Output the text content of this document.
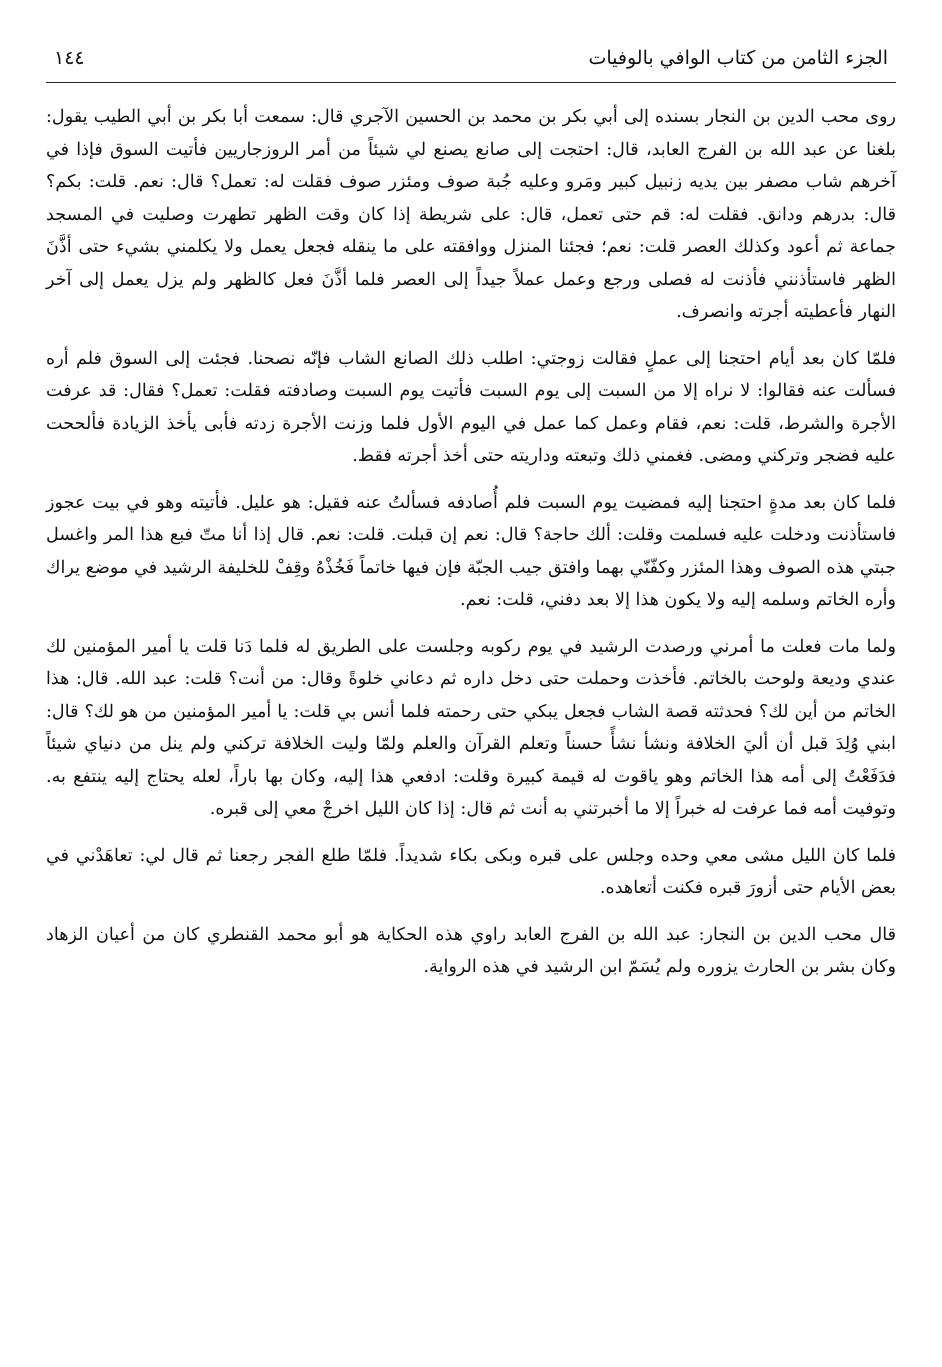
الجزء الثامن من كتاب الوافي بالوفيات
١٤٤

روى محب الدين بن النجار بسنده إلى أبي بكر بن محمد بن الحسين الآجري قال: سمعت أبا بكر بن أبي الطيب يقول: بلغنا عن عبد الله بن الفرج العابد، قال: احتجت إلى صانع يصنع لي شيئاً من أمر الروزجاريين فأتيت السوق فإذا في آخرهم شاب مصفر بين يديه زنبيل كبير ومَرو وعليه جُبة صوف ومئزر صوف فقلت له: تعمل؟ قال: نعم. قلت: بكم؟ قال: بدرهم ودانق. فقلت له: قم حتى تعمل، قال: على شريطة إذا كان وقت الظهر تطهرت وصليت في المسجد جماعة ثم أعود وكذلك العصر قلت: نعم؛ فجئنا المنزل ووافقته على ما ينقله فجعل يعمل ولا يكلمني بشيء حتى أذَّنَ الظهر فاستأذنني فأذنت له فصلى ورجع وعمل عملاً جيداً إلى العصر فلما أذَّنَ فعل كالظهر ولم يزل يعمل إلى آخر النهار فأعطيته أجرته وانصرف.

فلمّا كان بعد أيام احتجنا إلى عملٍ فقالت زوجتي: اطلب ذلك الصانع الشاب فإنّه نصحنا. فجئت إلى السوق فلم أره فسألت عنه فقالوا: لا نراه إلا من السبت إلى يوم السبت فأتيت يوم السبت وصادفته فقلت: تعمل؟ فقال: قد عرفت الأجرة والشرط، قلت: نعم، فقام وعمل كما عمل في اليوم الأول فلما وزنت الأجرة زدته فأبى يأخذ الزيادة فألححت عليه فضجر وتركني ومضى. فغمني ذلك وتبعته وداريته حتى أخذ أجرته فقط.

فلما كان بعد مدةٍ احتجنا إليه فمضيت يوم السبت فلم أُصادفه فسألتُ عنه فقيل: هو عليل. فأتيته وهو في بيت عجوز فاستأذنت ودخلت عليه فسلمت وقلت: ألك حاجة؟ قال: نعم إن قبلت. قلت: نعم. قال إذا أنا متّ فبع هذا المر واغسل جبتي هذه الصوف وهذا المئزر وكفّنّي بهما وافتق جيب الجبّة فإن فيها خاتماً فَخُذْهُ وقِفْ للخليفة الرشيد في موضع يراك وأره الخاتم وسلمه إليه ولا يكون هذا إلا بعد دفني، قلت: نعم.

ولما مات فعلت ما أمرني ورصدت الرشيد في يوم ركوبه وجلست على الطريق له فلما دَنا قلت يا أمير المؤمنين لك عندي وديعة ولوحت بالخاتم. فأخذت وحملت حتى دخل داره ثم دعاني خلوةً وقال: من أنت؟ قلت: عبد الله. قال: هذا الخاتم من أين لك؟ فحدثته قصة الشاب فجعل يبكي حتى رحمته فلما أنس بي قلت: يا أمير المؤمنين من هو لك؟ قال: ابني وُلِدَ قبل أن أليَ الخلافة ونشأ نشأً حسناً وتعلم القرآن والعلم ولمّا وليت الخلافة تركني ولم ينل من دنياي شيئاً فدَفَعْتُ إلى أمه هذا الخاتم وهو ياقوت له قيمة كبيرة وقلت: ادفعي هذا إليه، وكان بها باراً، لعله يحتاج إليه ينتفع به. وتوفيت أمه فما عرفت له خبراً إلا ما أخبرتني به أنت ثم قال: إذا كان الليل اخرجْ معي إلى قبره.

فلما كان الليل مشى معي وحده وجلس على قبره وبكى بكاء شديداً. فلمّا طلع الفجر رجعنا ثم قال لي: تعاهَدْني في بعض الأيام حتى أزورَ قبره فكنت أتعاهده.

قال محب الدين بن النجار: عبد الله بن الفرج العابد راوي هذه الحكاية هو أبو محمد القنطري كان من أعيان الزهاد وكان بشر بن الحارث يزوره ولم يُسَمّ ابن الرشيد في هذه الرواية.
